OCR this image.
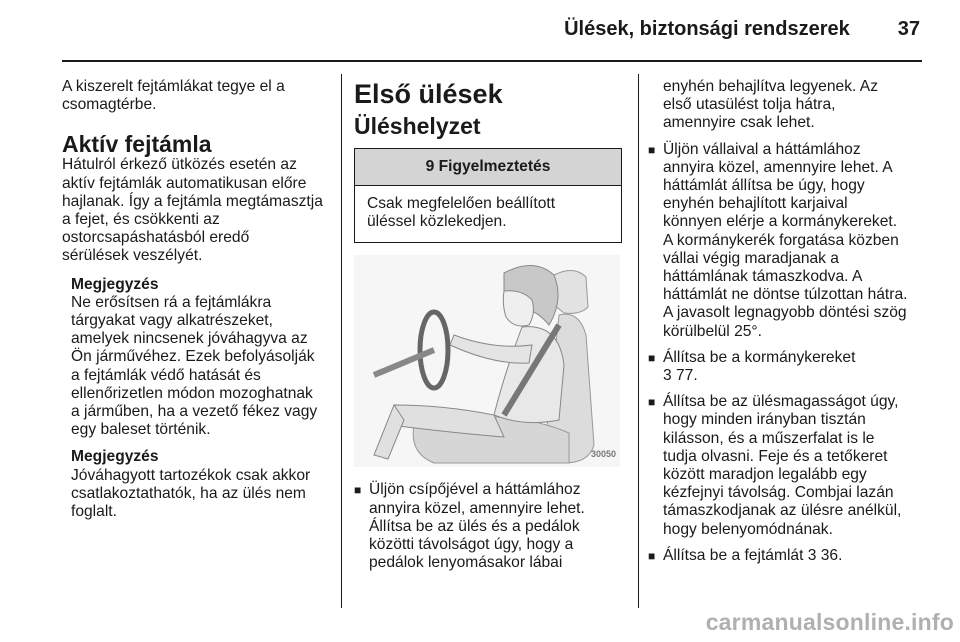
Ülések, biztonsági rendszerek 37

A kiszerelt fejtámlákat tegye el a
csomagtérbe.

Aktív fejtámla

Hátulról érkező ütközés esetén az
aktív fejtámlák automatikusan előre
hajlanak. Így a fejtámla megtámasztja
a fejet, és csökkenti az
ostorcsapáshatásból eredő
sérülések veszélyét.

Megjegyzés

Ne erősítsen rá a fejtámlákra
tárgyakat vagy alkatrészeket,
amelyek nincsenek jóváhagyva az
Ön járművéhez. Ezek befolyásolják
a fejtámlák védő hatását és
ellenőrizetlen módon mozoghatnak
a járműben, ha a vezető fékez vagy
egy baleset történik.

Megjegyzés

Jóváhagyott tartozékok csak akkor
csatlakoztathatók, ha az ülés nem
foglalt.

Első ülések
Üléshelyzet
9 Figyelmeztetés
Csak megfelelően beállított
üléssel közlekedjen.
30050
■ Üljön csípőjével a háttámlához
annyira közel, amennyire lehet.
Állítsa be az ülés és a pedálok
közötti távolságot úgy, hogy a
pedálok lenyomásakor lábai

enyhén behajlítva legyenek. Az
első utasülést tolja hátra,
amennyire csak lehet.

■ Üljön vállaival a háttámlához
annyira közel, amennyire lehet. A
háttámlát állítsa be úgy, hogy
enyhén behajlított karjaival
könnyen elérje a kormánykereket.
A kormánykerék forgatása közben
vállai végig maradjanak a
háttámlának támaszkodva. A
háttámlát ne döntse túlzottan hátra.
A javasolt legnagyobb döntési szög
körülbelül 25°.
■ Állítsa be a kormánykereket
3 77.
■ Állítsa be az ülésmagasságot úgy,
hogy minden irányban tisztán
kilásson, és a műszerfalat is le
tudja olvasni. Feje és a tetőkeret
között maradjon legalább egy
kézfejnyi távolság. Combjai lazán
támaszkodjanak az ülésre anélkül,
hogy belenyomódnának.
■ Állítsa be a fejtámlát 3 36.
carmanualsonline.info
